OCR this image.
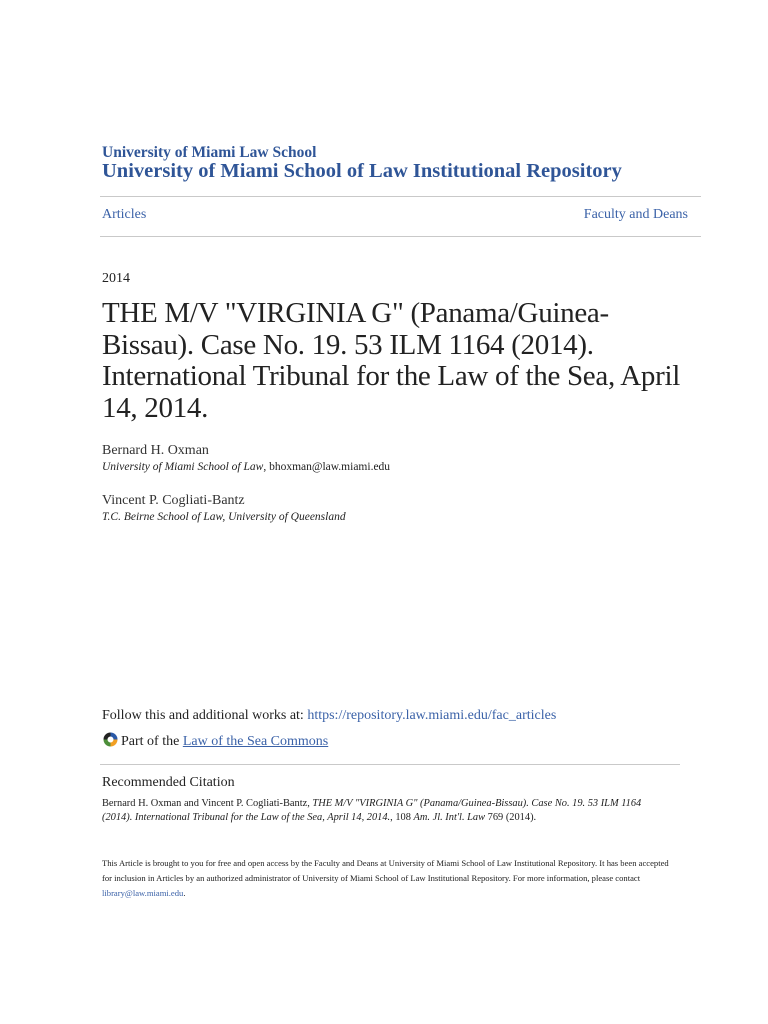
University of Miami Law School
University of Miami School of Law Institutional Repository
Articles	Faculty and Deans
2014
THE M/V "VIRGINIA G" (Panama/Guinea-Bissau). Case No. 19. 53 ILM 1164 (2014). International Tribunal for the Law of the Sea, April 14, 2014.
Bernard H. Oxman
University of Miami School of Law, bhoxman@law.miami.edu
Vincent P. Cogliati-Bantz
T.C. Beirne School of Law, University of Queensland
Follow this and additional works at: https://repository.law.miami.edu/fac_articles
Part of the Law of the Sea Commons
Recommended Citation
Bernard H. Oxman and Vincent P. Cogliati-Bantz, THE M/V "VIRGINIA G" (Panama/Guinea-Bissau). Case No. 19. 53 ILM 1164 (2014). International Tribunal for the Law of the Sea, April 14, 2014., 108 Am. Jl. Int'l. Law 769 (2014).
This Article is brought to you for free and open access by the Faculty and Deans at University of Miami School of Law Institutional Repository. It has been accepted for inclusion in Articles by an authorized administrator of University of Miami School of Law Institutional Repository. For more information, please contact library@law.miami.edu.
